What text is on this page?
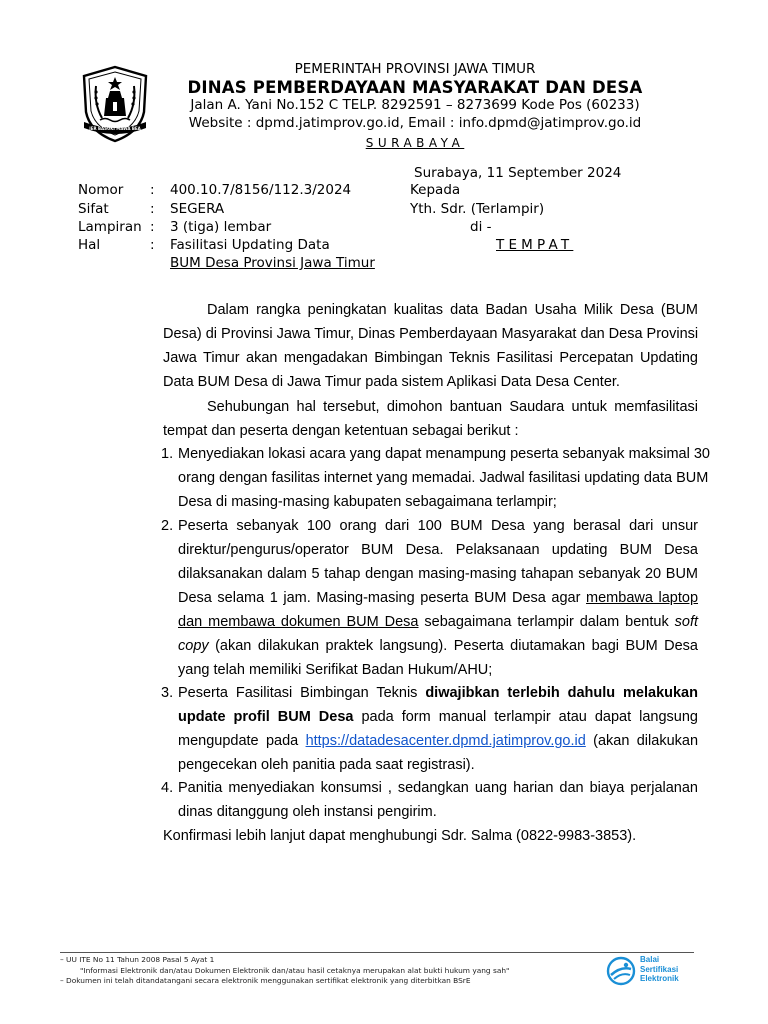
JER BASUKI MAWA BEA
PEMERINTAH PROVINSI JAWA TIMUR
DINAS PEMBERDAYAAN MASYARAKAT DAN DESA
Jalan A. Yani No.152 C TELP. 8292591 – 8273699 Kode Pos (60233)
Website : dpmd.jatimprov.go.id, Email : info.dpmd@jatimprov.go.id
SURABAYA
Surabaya, 11 September 2024
Kepada
Yth. Sdr. (Terlampir)
di -
TEMPAT
Nomor : 400.10.7/8156/112.3/2024
Sifat	: SEGERA
Lampiran : 3 (tiga) lembar
Hal	: Fasilitasi Updating Data
BUM Desa Provinsi Jawa Timur
Dalam rangka peningkatan kualitas data Badan Usaha Milik Desa (BUM
Desa) di Provinsi Jawa Timur, Dinas Pemberdayaan Masyarakat dan Desa Provinsi
Jawa Timur akan mengadakan Bimbingan Teknis Fasilitasi Percepatan Updating
Data BUM Desa di Jawa Timur pada sistem Aplikasi Data Desa Center.
Sehubungan hal tersebut, dimohon bantuan Saudara untuk memfasilitasi
tempat dan peserta dengan ketentuan sebagai berikut :
1. Menyediakan lokasi acara yang dapat menampung peserta sebanyak maksimal 30
orang dengan fasilitas internet yang memadai. Jadwal fasilitasi updating data BUM
Desa di masing-masing kabupaten sebagaimana terlampir;
2. Peserta sebanyak 100 orang dari 100 BUM Desa yang berasal dari unsur
direktur/pengurus/operator BUM Desa. Pelaksanaan updating BUM Desa
dilaksanakan dalam 5 tahap dengan masing-masing tahapan sebanyak 20 BUM
Desa selama 1 jam. Masing-masing peserta BUM Desa agar membawa laptop
dan membawa dokumen BUM Desa sebagaimana terlampir dalam bentuk soft
copy (akan dilakukan praktek langsung). Peserta diutamakan bagi BUM Desa
yang telah memiliki Serifikat Badan Hukum/AHU;
3. Peserta Fasilitasi Bimbingan Teknis diwajibkan terlebih dahulu melakukan
update profil BUM Desa pada form manual terlampir atau dapat langsung
mengupdate pada https://datadesacenter.dpmd.jatimprov.go.id (akan dilakukan
pengecekan oleh panitia pada saat registrasi).
4. Panitia menyediakan konsumsi , sedangkan uang harian dan biaya perjalanan
dinas ditanggung oleh instansi pengirim.
Konfirmasi lebih lanjut dapat menghubungi Sdr. Salma (0822-9983-3853).
– UU ITE No 11 Tahun 2008 Pasal 5 Ayat 1
"Informasi Elektronik dan/atau Dokumen Elektronik dan/atau hasil cetaknya merupakan alat bukti hukum yang sah"
– Dokumen ini telah ditandatangani secara elektronik menggunakan sertifikat elektronik yang diterbitkan BSrE
Balai
Sertifikasi
Elektronik
